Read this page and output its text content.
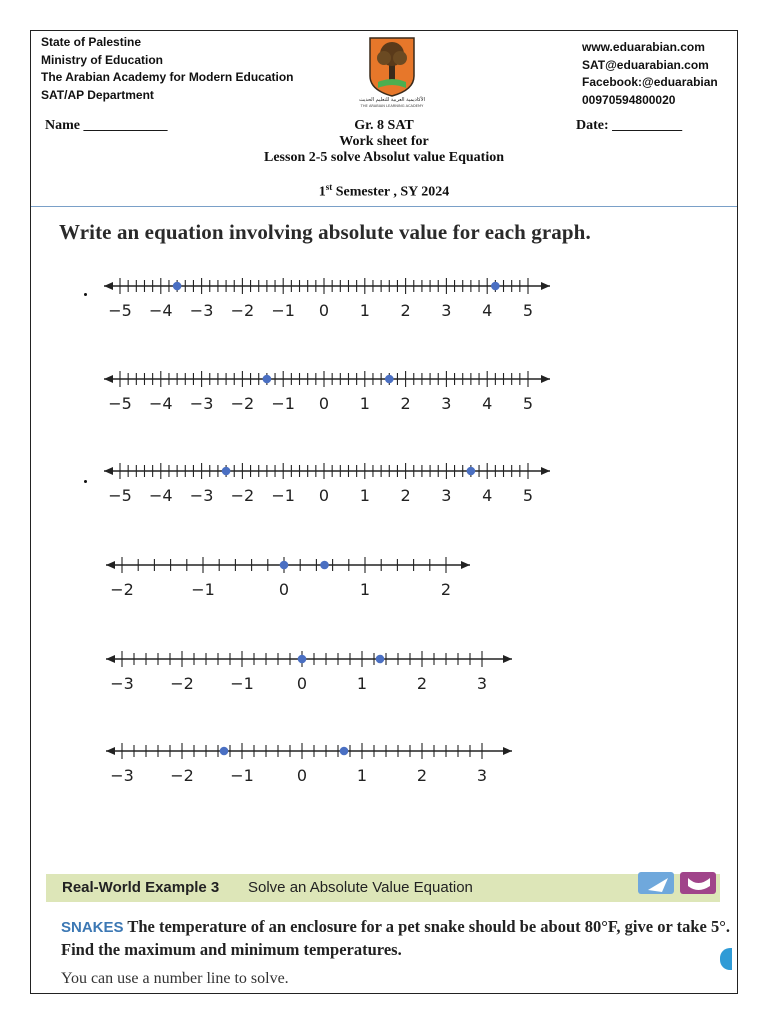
State of Palestine
Ministry of Education
The Arabian Academy for Modern Education
SAT/AP Department	الأكاديمية العربية للتعليم الحديث
THE ARABIAN LEARNING ACADEMY
www.eduarabian.com
SAT@eduarabian.com
Facebook:@eduarabian
00970594800020
Name ____________	Gr. 8 SAT
Work sheet for
Lesson 2-5 solve Absolut value Equation
Date: __________
1st Semester , SY 2024
Write an equation involving absolute value for each graph.
−5 −4 −3 −2 −1 0 1 2 3 4 5
−5 −4 −3 −2 −1 0 1 2 3 4 5
−5 −4 −3 −2 −1 0 1 2 3 4 5
−2	−1	0	1	2
−3 −2 −1	0	1	2	3
−3 −2 −1	0	1	2	3
Real-World Example 3 Solve an Absolute Value Equation
SNAKES The temperature of an enclosure for a pet snake should be about 80°F, give or take 5°. Find the maximum and minimum temperatures.
You can use a number line to solve.
